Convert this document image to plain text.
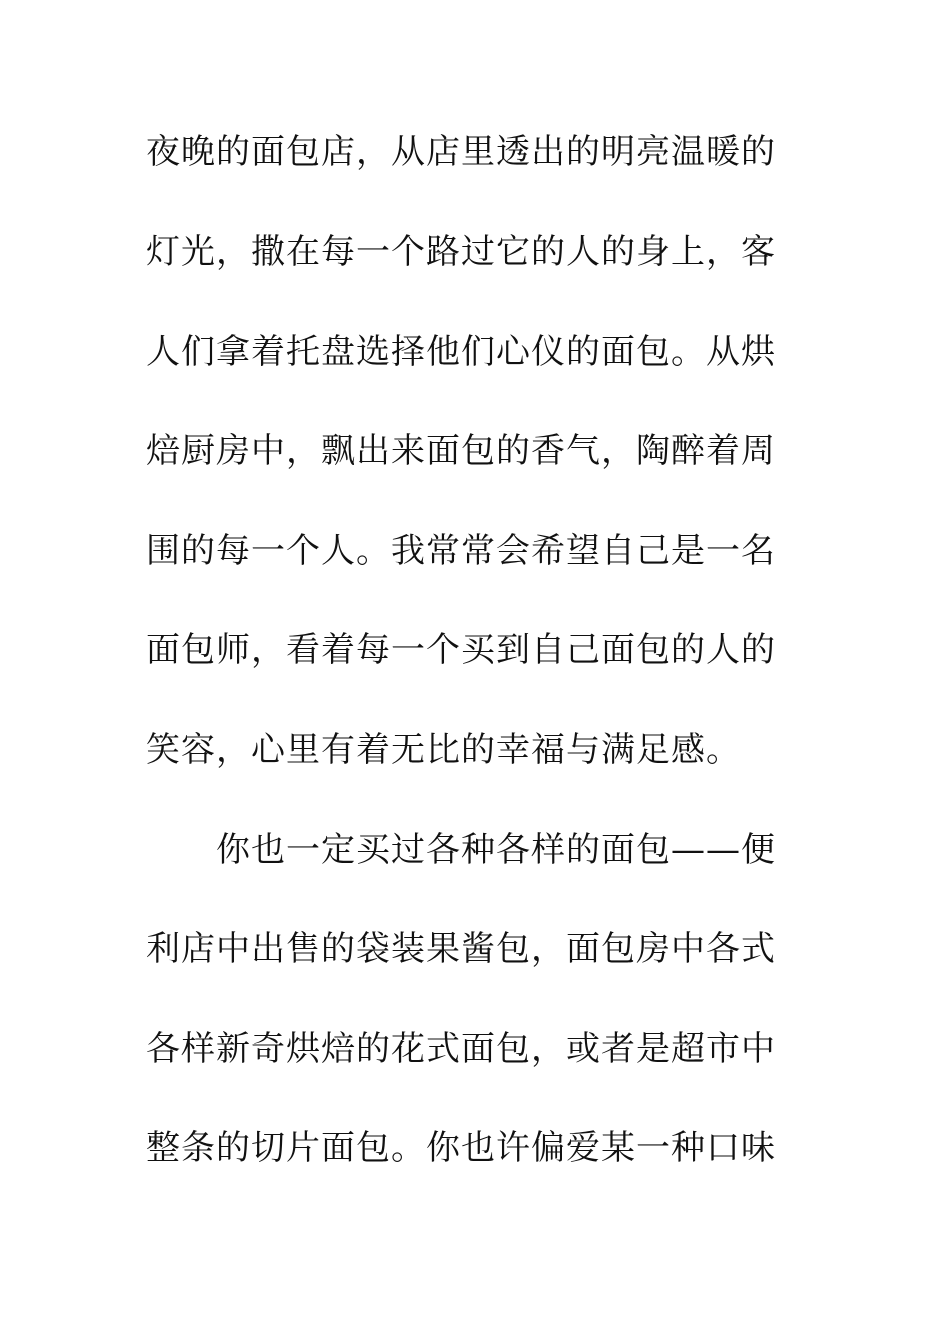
夜晚的面包店，从店里透出的明亮温暖的
灯光，撒在每一个路过它的人的身上，客
人们拿着托盘选择他们心仪的面包。从烘
焙厨房中，飘出来面包的香气，陶醉着周
围的每一个人。我常常会希望自己是一名
面包师，看着每一个买到自己面包的人的
笑容，心里有着无比的幸福与满足感。
你也一定买过各种各样的面包——便
利店中出售的袋装果酱包，面包房中各式
各样新奇烘焙的花式面包，或者是超市中
整条的切片面包。你也许偏爱某一种口味
